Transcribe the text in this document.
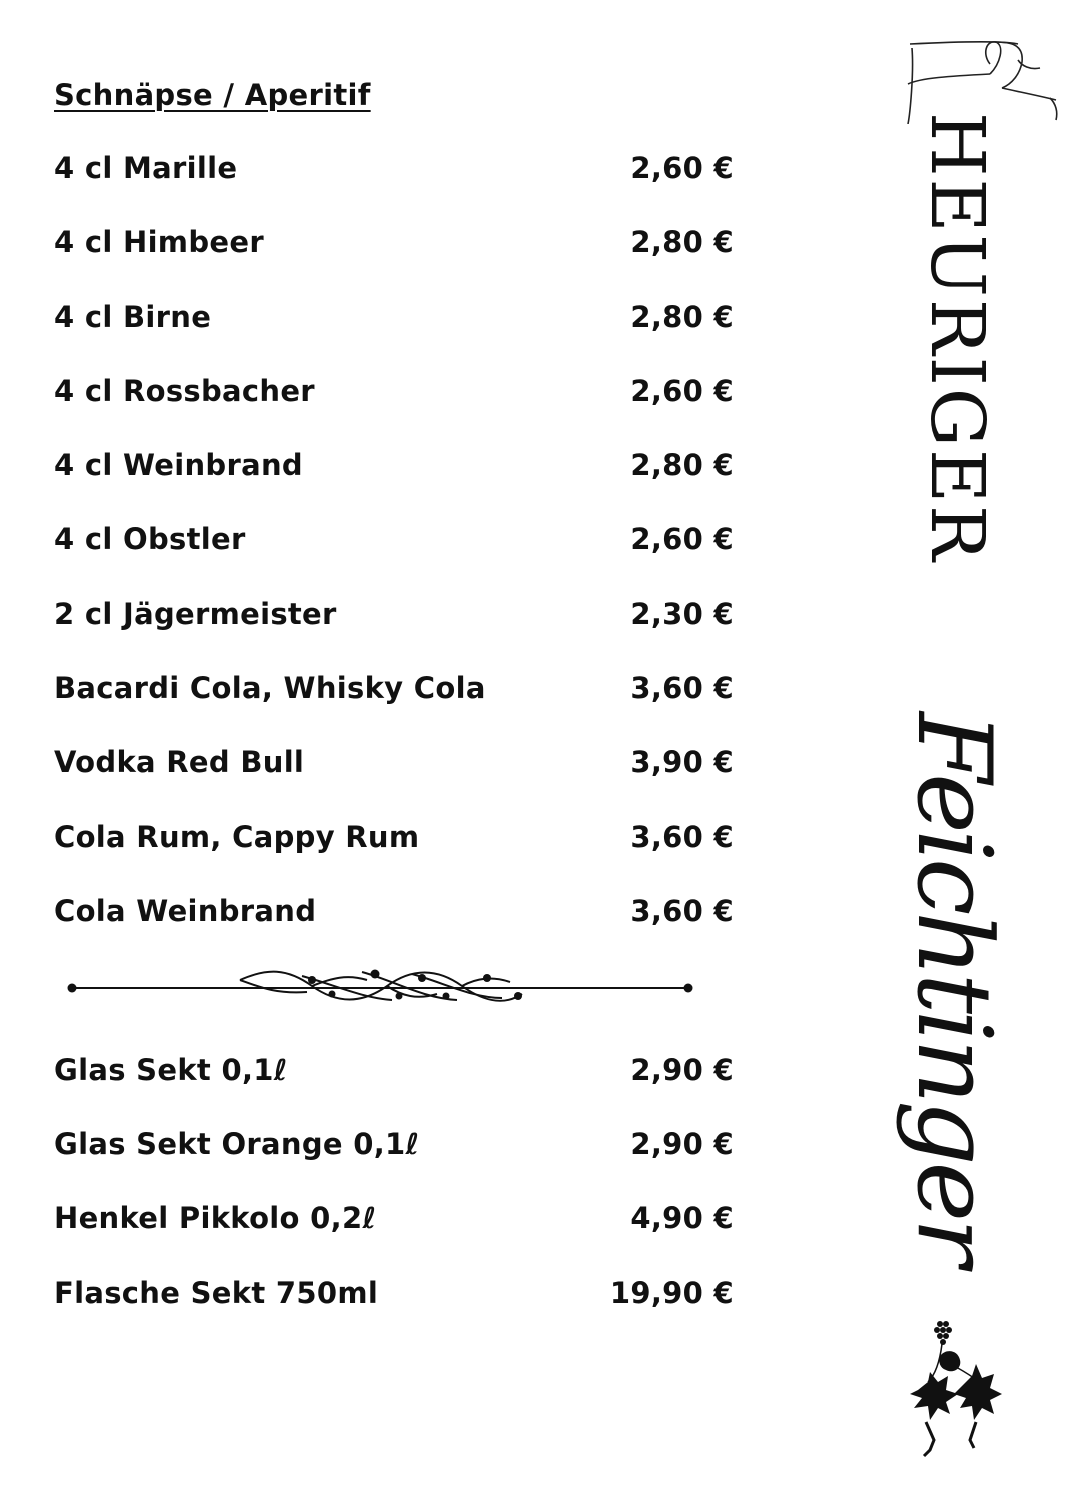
Schnäpse / Aperitif
4 cl Marille	2,60 €
4 cl Himbeer	2,80 €
4 cl Birne	2,80 €
4 cl Rossbacher	2,60 €
4 cl Weinbrand	2,80 €
4 cl Obstler	2,60 €
2 cl Jägermeister	2,30 €
Bacardi Cola, Whisky Cola	3,60 €
Vodka Red Bull	3,90 €
Cola Rum, Cappy Rum	3,60 €
Cola Weinbrand	3,60 €
Glas Sekt 0,1ℓ	2,90 €
Glas Sekt Orange 0,1ℓ	2,90 €
Henkel Pikkolo 0,2ℓ	4,90 €
Flasche Sekt 750ml	19,90 €
HEURIGER
Feichtinger
